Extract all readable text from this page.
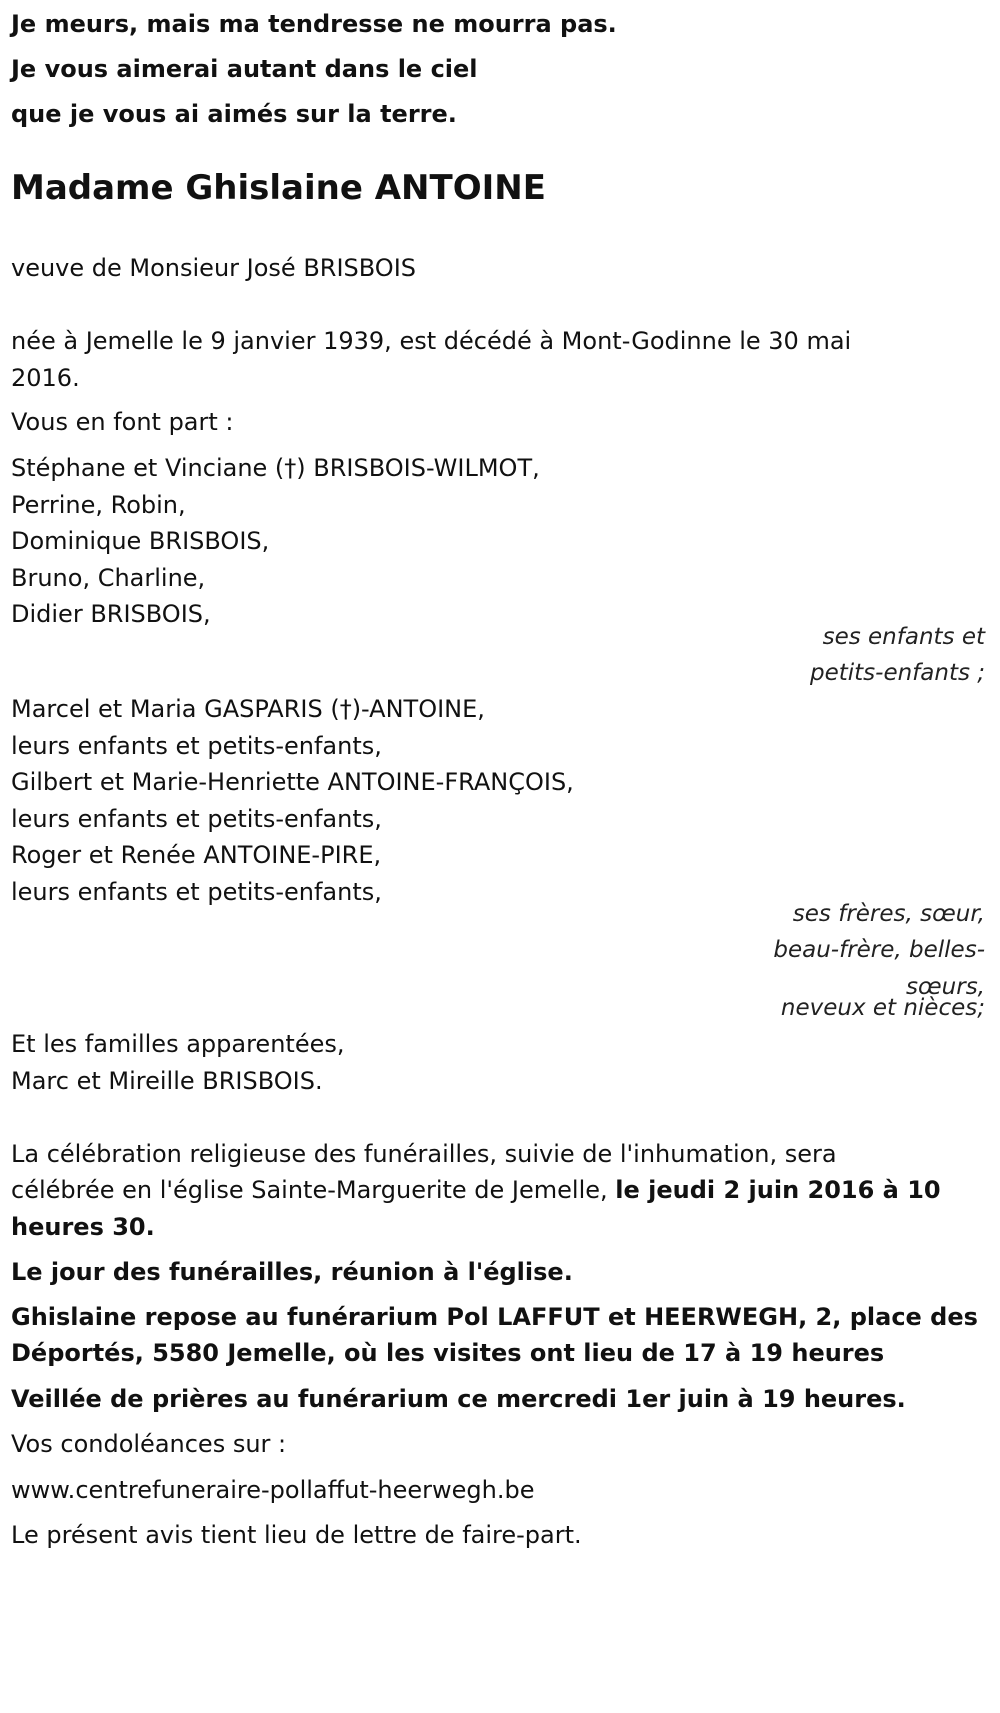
Je meurs, mais ma tendresse ne mourra pas.
Je vous aimerai autant dans le ciel
que je vous ai aimés sur la terre.
Madame Ghislaine ANTOINE
veuve de Monsieur José BRISBOIS
née à Jemelle le 9 janvier 1939, est décédé à Mont-Godinne le 30 mai
2016.
Vous en font part :
Stéphane et Vinciane (†) BRISBOIS-WILMOT,
Perrine, Robin,
Dominique BRISBOIS,
Bruno, Charline,
Didier BRISBOIS,
ses enfants et
petits-enfants ;
Marcel et Maria GASPARIS (†)-ANTOINE,
leurs enfants et petits-enfants,
Gilbert et Marie-Henriette ANTOINE-FRANÇOIS,
leurs enfants et petits-enfants,
Roger et Renée ANTOINE-PIRE,
leurs enfants et petits-enfants,
ses frères, sœur,
beau-frère, belles-
sœurs,
neveux et nièces;
Et les familles apparentées,
Marc et Mireille BRISBOIS.
La célébration religieuse des funérailles, suivie de l'inhumation, sera
célébrée en l'église Sainte-Marguerite de Jemelle, le jeudi 2 juin 2016 à 10
heures 30.
Le jour des funérailles, réunion à l'église.
Ghislaine repose au funérarium Pol LAFFUT et HEERWEGH, 2, place des
Déportés, 5580 Jemelle, où les visites ont lieu de 17 à 19 heures
Veillée de prières au funérarium ce mercredi 1er juin à 19 heures.
Vos condoléances sur :
www.centrefuneraire-pollaffut-heerwegh.be
Le présent avis tient lieu de lettre de faire-part.
